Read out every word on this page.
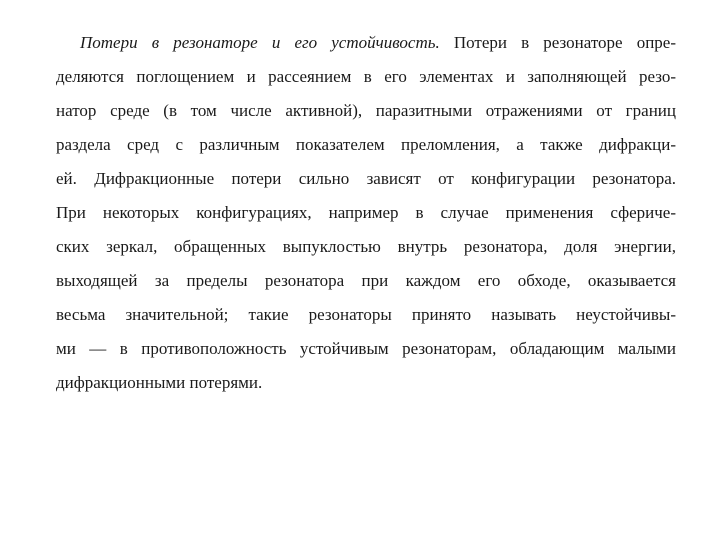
Потери в резонаторе и его устойчивость. Потери в резонаторе опре-
деляются поглощением и рассеянием в его элементах и заполняющей резо-
натор среде (в том числе активной), паразитными отражениями от границ
раздела сред с различным показателем преломления, а также дифракци-
ей. Дифракционные потери сильно зависят от конфигурации резонатора.
При некоторых конфигурациях, например в случае применения сфериче-
ских зеркал, обращенных выпуклостью внутрь резонатора, доля энергии,
выходящей за пределы резонатора при каждом его обходе, оказывается
весьма значительной; такие резонаторы принято называть неустойчивы-
ми — в противоположность устойчивым резонаторам, обладающим малыми
дифракционными потерями.
